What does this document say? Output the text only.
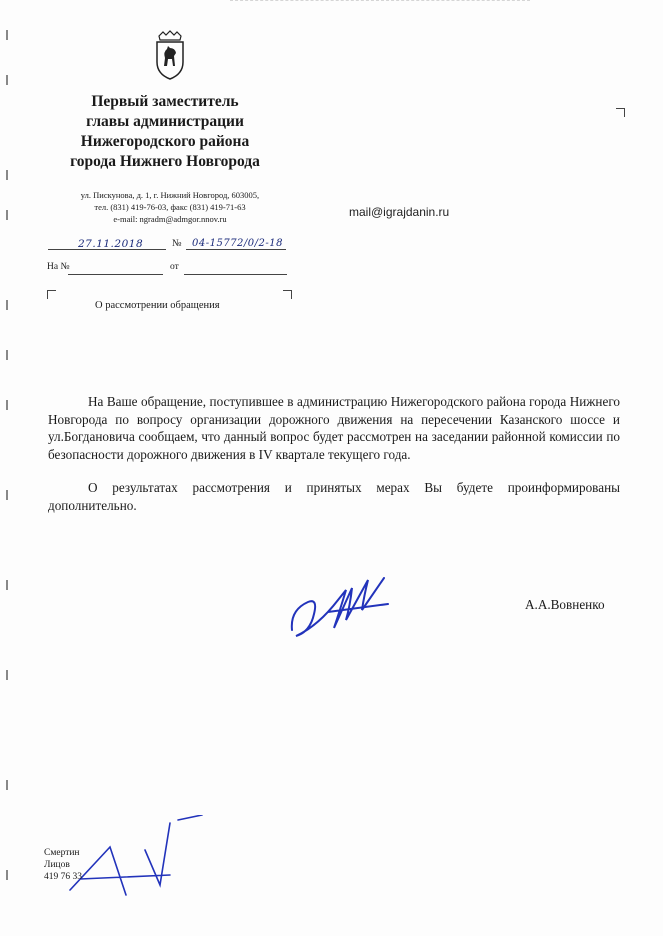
Первый заместитель
главы администрации
Нижегородского района
города Нижнего Новгорода
ул. Пискунова, д. 1, г. Нижний Новгород, 603005,
тел. (831) 419-76-03, факс (831) 419-71-63
e-mail: ngradm@admgor.nnov.ru
27.11.2018	№ 04-15772/0/2-18
На №	от
О рассмотрении обращения
mail@igrajdanin.ru
На Ваше обращение, поступившее в администрацию Нижегородского района города Нижнего Новгорода по вопросу организации дорожного движения на пересечении Казанского шоссе и ул.Богдановича сообщаем, что данный вопрос будет рассмотрен на заседании районной комиссии по безопасности дорожного движения в IV квартале текущего года.
О результатах рассмотрения и принятых мерах Вы будете проинформированы дополнительно.
А.А.Вовненко
Смертин
Лицов
419 76 33
